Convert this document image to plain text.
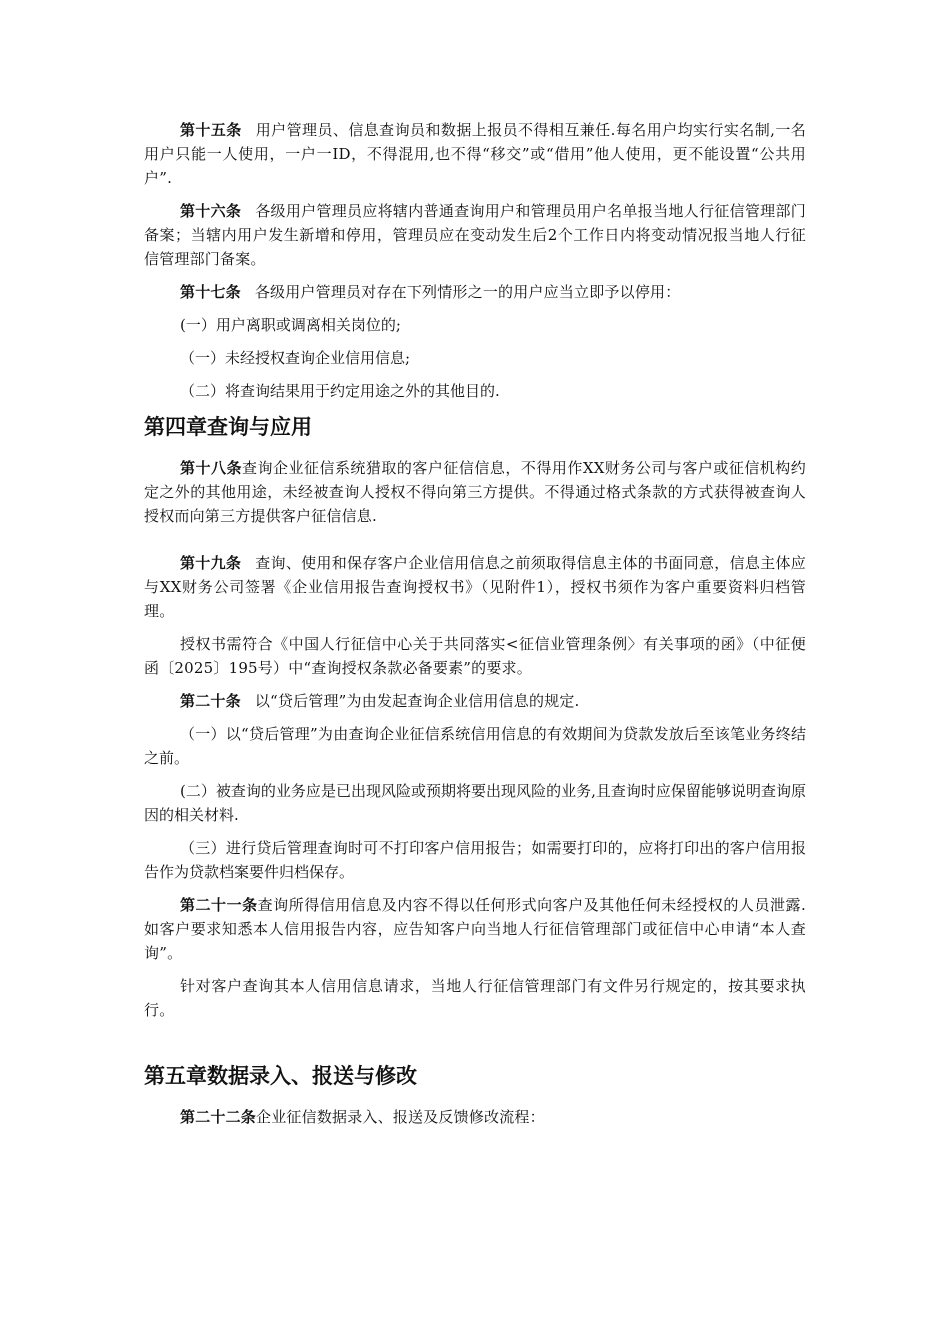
第十五条 用户管理员、信息查询员和数据上报员不得相互兼任.每名用户均实行实名制,一名用户只能一人使用，一户一ID，不得混用,也不得“移交”或“借用”他人使用，更不能设置“公共用户”.

第十六条 各级用户管理员应将辖内普通查询用户和管理员用户名单报当地人行征信管理部门备案；当辖内用户发生新增和停用，管理员应在变动发生后2个工作日内将变动情况报当地人行征信管理部门备案。

第十七条 各级用户管理员对存在下列情形之一的用户应当立即予以停用：

(一）用户离职或调离相关岗位的;

（一）未经授权查询企业信用信息;

（二）将查询结果用于约定用途之外的其他目的.

第四章查询与应用

第十八条查询企业征信系统猎取的客户征信信息，不得用作XX财务公司与客户或征信机构约定之外的其他用途，未经被查询人授权不得向第三方提供。不得通过格式条款的方式获得被查询人授权而向第三方提供客户征信信息.

第十九条 查询、使用和保存客户企业信用信息之前须取得信息主体的书面同意，信息主体应与XX财务公司签署《企业信用报告查询授权书》（见附件1），授权书须作为客户重要资料归档管理。

授权书需符合《中国人行征信中心关于共同落实<征信业管理条例〉有关事项的函》（中征便函〔2025〕195号）中“查询授权条款必备要素”的要求。

第二十条 以“贷后管理”为由发起查询企业信用信息的规定.

（一）以“贷后管理”为由查询企业征信系统信用信息的有效期间为贷款发放后至该笔业务终结之前。

(二）被查询的业务应是已出现风险或预期将要出现风险的业务,且查询时应保留能够说明查询原因的相关材料.

（三）进行贷后管理查询时可不打印客户信用报告；如需要打印的，应将打印出的客户信用报告作为贷款档案要件归档保存。

第二十一条查询所得信用信息及内容不得以任何形式向客户及其他任何未经授权的人员泄露.如客户要求知悉本人信用报告内容，应告知客户向当地人行征信管理部门或征信中心申请“本人查询”。

针对客户查询其本人信用信息请求，当地人行征信管理部门有文件另行规定的，按其要求执行。

第五章数据录入、报送与修改

第二十二条企业征信数据录入、报送及反馈修改流程：
